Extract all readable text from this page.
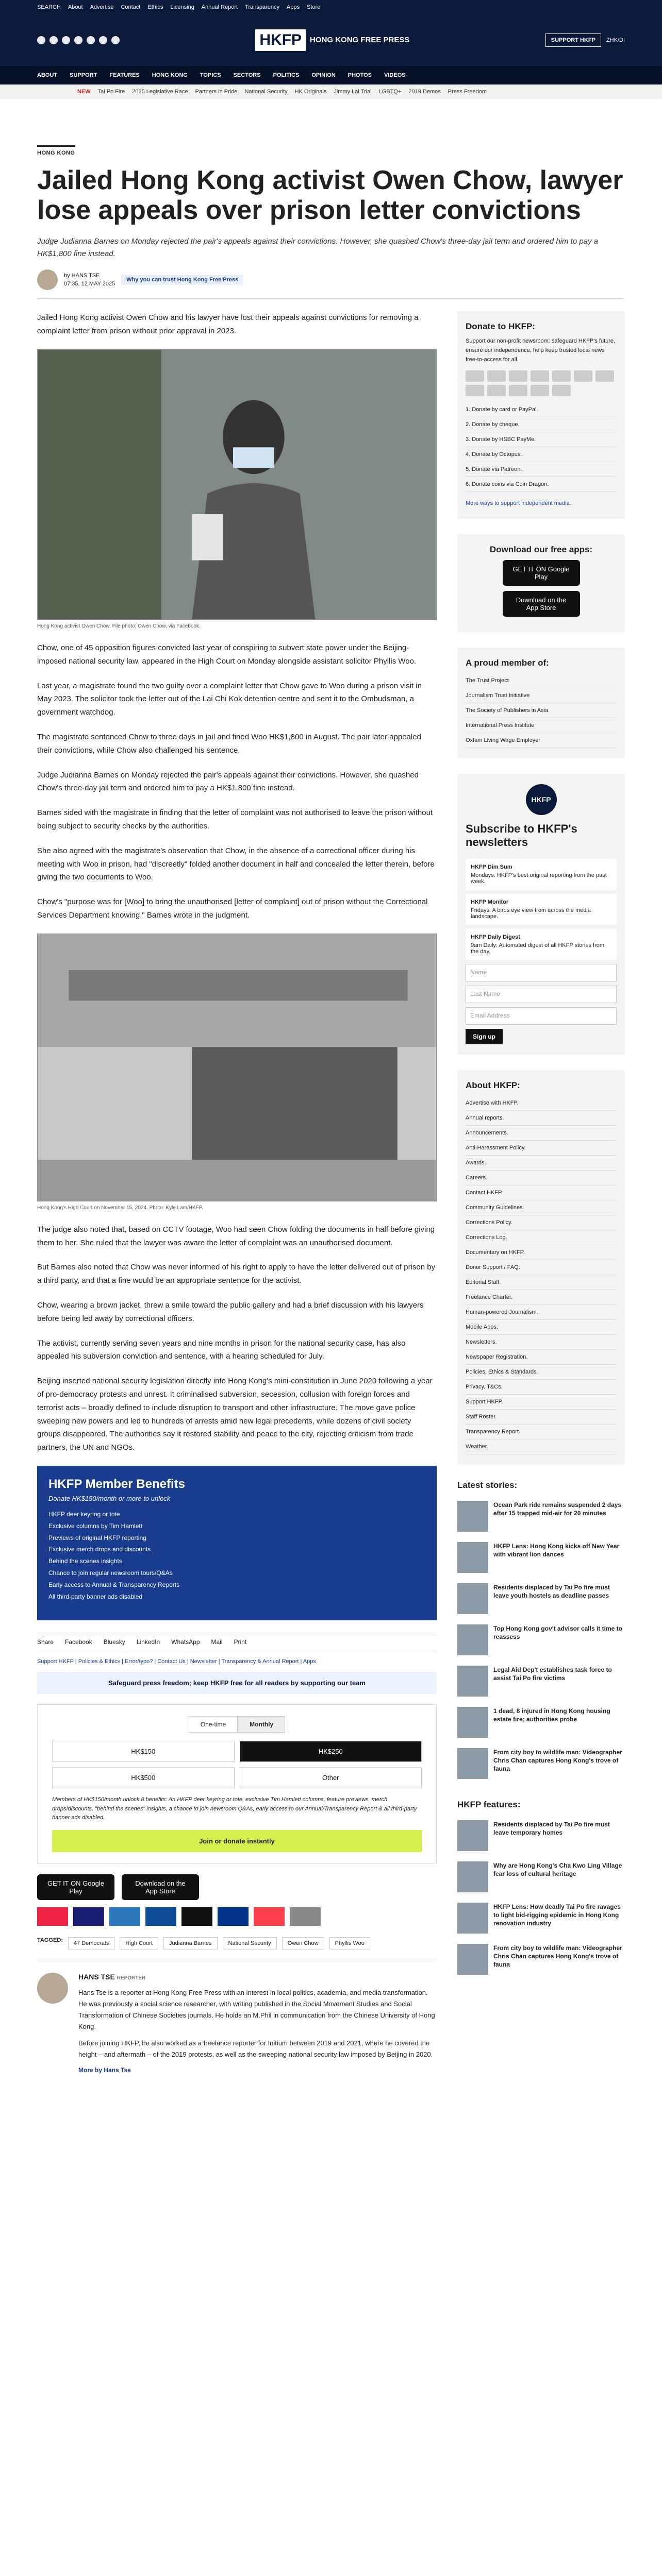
SEARCH About Advertise Contact Ethics Licensing Annual Report Transparency Apps Store
HKFP	HONG KONG FREE PRESS	SUPPORT HKFP	ZHK/DI
ABOUT SUPPORT FEATURES HONG KONG TOPICS SECTORS POLITICS OPINION PHOTOS VIDEOS
NEW Tai Po Fire 2025 Legislative Race Partners in Pride National Security HK Originals Jimmy Lai Trial LGBTQ+ 2019 Demos Press Freedom
HONG KONG
Jailed Hong Kong activist Owen Chow, lawyer lose appeals over prison letter convictions
Judge Judianna Barnes on Monday rejected the pair's appeals against their convictions. However, she quashed Chow's three-day jail term and ordered him to pay a HK$1,800 fine instead.
by HANS TSE
07:35, 12 MAY 2025
Why you can trust Hong Kong Free Press

Jailed Hong Kong activist Owen Chow and his lawyer have lost their appeals against convictions for removing a complaint letter from prison without prior approval in 2023.

Hong Kong activist Owen Chow. File photo: Owen Chow, via Facebook.

Chow, one of 45 opposition figures convicted last year of conspiring to subvert state power under the Beijing-imposed national security law, appeared in the High Court on Monday alongside assistant solicitor Phyllis Woo.

Last year, a magistrate found the two guilty over a complaint letter that Chow gave to Woo during a prison visit in May 2023. The solicitor took the letter out of the Lai Chi Kok detention centre and sent it to the Ombudsman, a government watchdog.

The magistrate sentenced Chow to three days in jail and fined Woo HK$1,800 in August. The pair later appealed their convictions, while Chow also challenged his sentence.

Judge Judianna Barnes on Monday rejected the pair's appeals against their convictions. However, she quashed Chow's three-day jail term and ordered him to pay a HK$1,800 fine instead.

Barnes sided with the magistrate in finding that the letter of complaint was not authorised to leave the prison without being subject to security checks by the authorities.

She also agreed with the magistrate's observation that Chow, in the absence of a correctional officer during his meeting with Woo in prison, had "discreetly" folded another document in half and concealed the letter therein, before giving the two documents to Woo.

Chow's "purpose was for [Woo] to bring the unauthorised [letter of complaint] out of prison without the Correctional Services Department knowing," Barnes wrote in the judgment.

Hong Kong's High Court on November 15, 2024. Photo: Kyle Lam/HKFP.

The judge also noted that, based on CCTV footage, Woo had seen Chow folding the documents in half before giving them to her. She ruled that the lawyer was aware the letter of complaint was an unauthorised document.

But Barnes also noted that Chow was never informed of his right to apply to have the letter delivered out of prison by a third party, and that a fine would be an appropriate sentence for the activist.

Chow, wearing a brown jacket, threw a smile toward the public gallery and had a brief discussion with his lawyers before being led away by correctional officers.

The activist, currently serving seven years and nine months in prison for the national security case, has also appealed his subversion conviction and sentence, with a hearing scheduled for July.

Beijing inserted national security legislation directly into Hong Kong's mini-constitution in June 2020 following a year of pro-democracy protests and unrest. It criminalised subversion, secession, collusion with foreign forces and terrorist acts – broadly defined to include disruption to transport and other infrastructure. The move gave police sweeping new powers and led to hundreds of arrests amid new legal precedents, while dozens of civil society groups disappeared. The authorities say it restored stability and peace to the city, rejecting criticism from trade partners, the UN and NGOs.

HKFP Member Benefits
Donate HK$150/month or more to unlock
HKFP deer keyring or tote
Exclusive columns by Tim Hamlett
Previews of original HKFP reporting
Exclusive merch drops and discounts
Behind the scenes insights
Chance to join regular newsroom tours/Q&As
Early access to Annual & Transparency Reports
All third-party banner ads disabled
Share Facebook Bluesky LinkedIn WhatsApp Mail Print
Support HKFP | Policies & Ethics | Error/typo? | Contact Us | Newsletter | Transparency & Annual Report | Apps
Safeguard press freedom; keep HKFP free for all readers by supporting our team
One-time	Monthly
HK$150	HK$250
HK$500	Other
Members of HK$150/month unlock 8 benefits: An HKFP deer keyring or tote, exclusive Tim Hamlett columns, feature previews, merch drops/discounts, "behind the scenes" insights, a chance to join newsroom Q&As, early access to our Annual/Transparency Report & all third-party banner ads disabled.
Join or donate instantly
GET IT ON Google Play
Download on the App Store
TAGGED:	47 Democrats	High Court	Judianna Barnes	National Security	Owen Chow	Phyllis Woo
HANS TSE REPORTER

Hans Tse is a reporter at Hong Kong Free Press with an interest in local politics, academia, and media transformation. He was previously a social science researcher, with writing published in the Social Movement Studies and Social Transformation of Chinese Societies journals. He holds an M.Phil in communication from the Chinese University of Hong Kong.

Before joining HKFP, he also worked as a freelance reporter for Initium between 2019 and 2021, where he covered the height – and aftermath – of the 2019 protests, as well as the sweeping national security law imposed by Beijing in 2020.

More by Hans Tse
Donate to HKFP:
Support our non-profit newsroom: safeguard HKFP's future, ensure our independence, help keep trusted local news free-to-access for all.
1. Donate by card or PayPal.
2. Donate by cheque.
3. Donate by HSBC PayMe.
4. Donate by Octopus.
5. Donate via Patreon.
6. Donate coins via Coin Dragon.
More ways to support independent media.
Download our free apps:
GET IT ON Google Play
Download on the App Store
A proud member of:
The Trust Project
Journalism Trust Initiative
The Society of Publishers in Asia
International Press Institute
Oxfam Living Wage Employer
HKFP
Subscribe to HKFP's newsletters
HKFP Dim Sum
Mondays: HKFP's best original reporting from the past week.
HKFP Monitor
Fridays: A birds eye view from across the media landscape.
HKFP Daily Digest
9am Daily: Automated digest of all HKFP stories from the day.
Name
Last Name
Email Address
Sign up
About HKFP:
Advertise with HKFP.
Annual reports.
Announcements.
Anti-Harassment Policy.
Awards.
Careers.
Contact HKFP.
Community Guidelines.
Corrections Policy.
Corrections Log.
Documentary on HKFP.
Donor Support / FAQ.
Editorial Staff.
Freelance Charter.
Human-powered Journalism.
Mobile Apps.
Newsletters.
Newspaper Registration.
Policies, Ethics & Standards.
Privacy, T&Cs.
Support HKFP.
Staff Roster.
Transparency Report.
Weather.
Latest stories:
Ocean Park ride remains suspended 2 days after 15 trapped mid-air for 20 minutes
HKFP Lens: Hong Kong kicks off New Year with vibrant lion dances
Residents displaced by Tai Po fire must leave youth hostels as deadline passes
Top Hong Kong gov't advisor calls it time to reassess
Legal Aid Dep't establishes task force to assist Tai Po fire victims
1 dead, 8 injured in Hong Kong housing estate fire; authorities probe
From city boy to wildlife man: Videographer Chris Chan captures Hong Kong's trove of fauna
HKFP features:
Residents displaced by Tai Po fire must leave temporary homes
Why are Hong Kong's Cha Kwo Ling Village fear loss of cultural heritage
HKFP Lens: How deadly Tai Po fire ravages to light bid-rigging epidemic in Hong Kong renovation industry
From city boy to wildlife man: Videographer Chris Chan captures Hong Kong's trove of fauna
